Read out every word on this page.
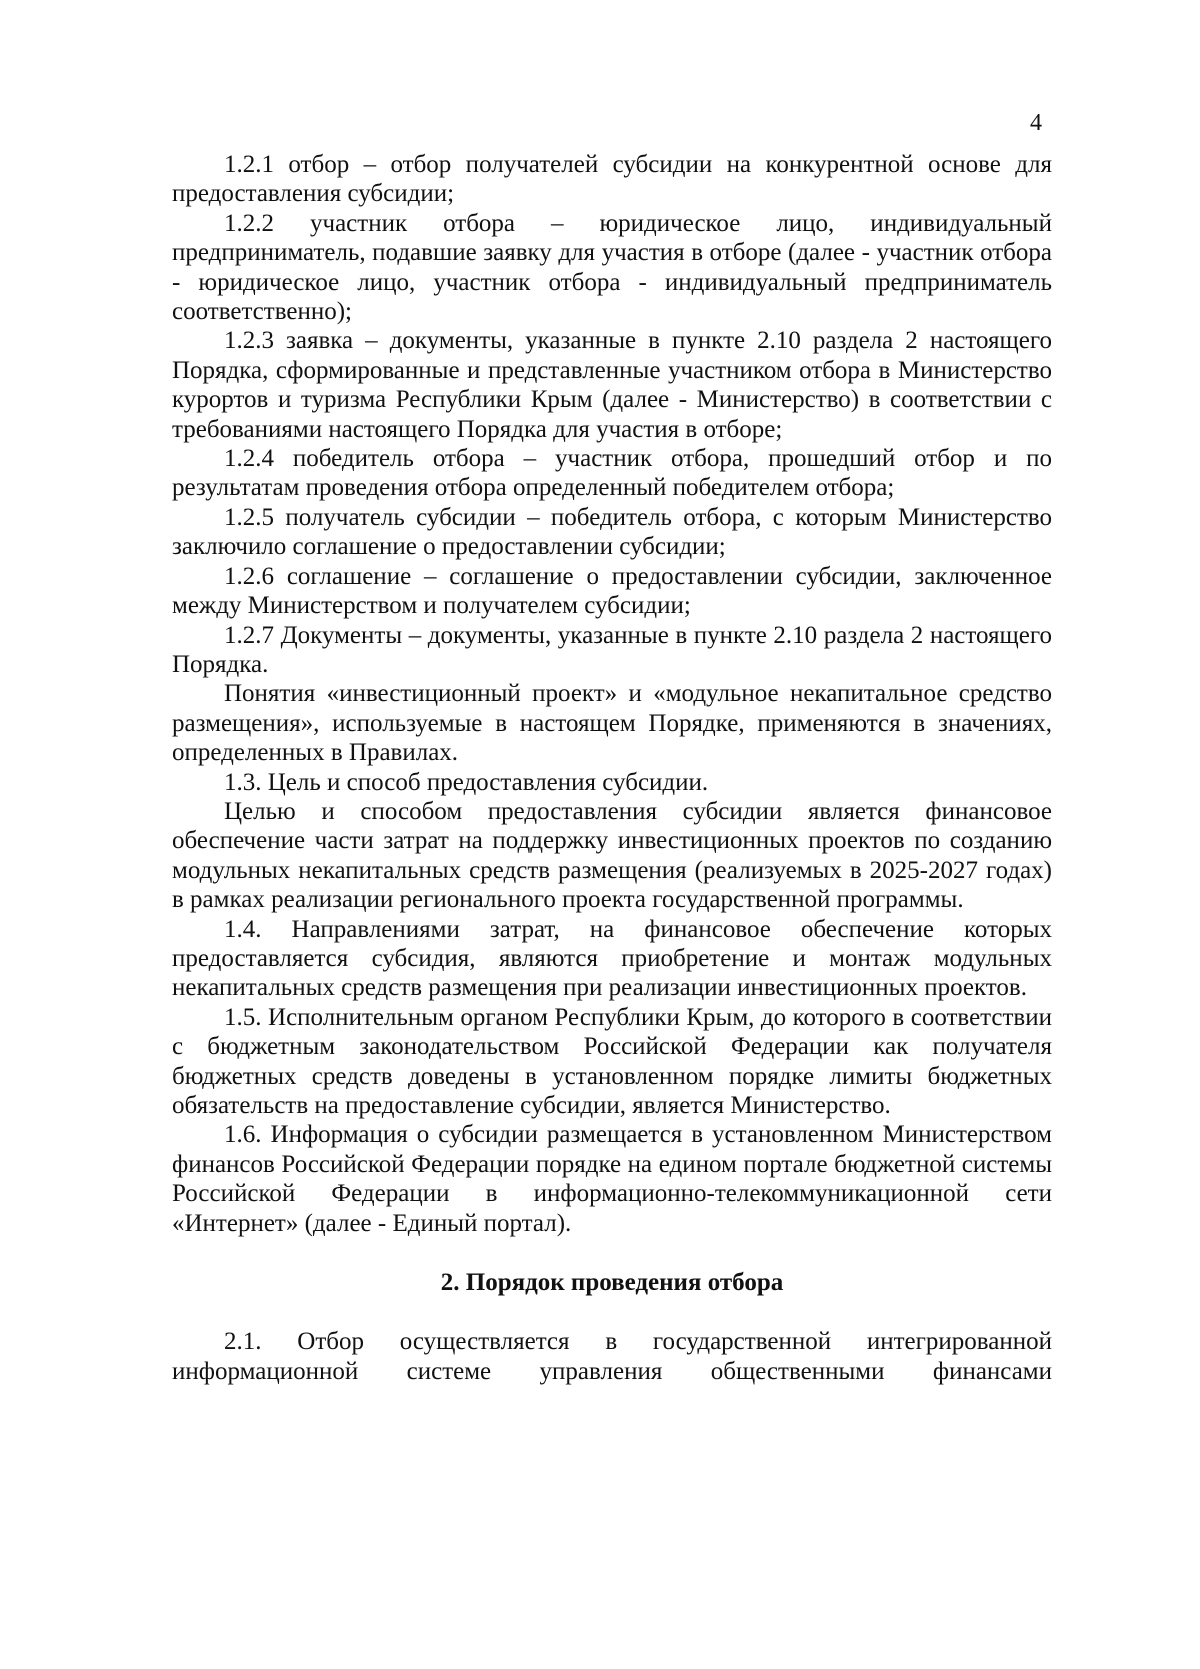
4

1.2.1 отбор – отбор получателей субсидии на конкурентной основе для предоставления субсидии;

1.2.2 участник отбора – юридическое лицо, индивидуальный предприниматель, подавшие заявку для участия в отборе (далее - участник отбора - юридическое лицо, участник отбора - индивидуальный предприниматель соответственно);

1.2.3 заявка – документы, указанные в пункте 2.10 раздела 2 настоящего Порядка, сформированные и представленные участником отбора в Министерство курортов и туризма Республики Крым (далее - Министерство) в соответствии с требованиями настоящего Порядка для участия в отборе;

1.2.4 победитель отбора – участник отбора, прошедший отбор и по результатам проведения отбора определенный победителем отбора;

1.2.5 получатель субсидии – победитель отбора, с которым Министерство заключило соглашение о предоставлении субсидии;

1.2.6 соглашение – соглашение о предоставлении субсидии, заключенное между Министерством и получателем субсидии;

1.2.7 Документы – документы, указанные в пункте 2.10 раздела 2 настоящего Порядка.

Понятия «инвестиционный проект» и «модульное некапитальное средство размещения», используемые в настоящем Порядке, применяются в значениях, определенных в Правилах.

1.3. Цель и способ предоставления субсидии.

Целью и способом предоставления субсидии является финансовое обеспечение части затрат на поддержку инвестиционных проектов по созданию модульных некапитальных средств размещения (реализуемых в 2025-2027 годах) в рамках реализации регионального проекта государственной программы.

1.4. Направлениями затрат, на финансовое обеспечение которых предоставляется субсидия, являются приобретение и монтаж модульных некапитальных средств размещения при реализации инвестиционных проектов.

1.5. Исполнительным органом Республики Крым, до которого в соответствии с бюджетным законодательством Российской Федерации как получателя бюджетных средств доведены в установленном порядке лимиты бюджетных обязательств на предоставление субсидии, является Министерство.

1.6. Информация о субсидии размещается в установленном Министерством финансов Российской Федерации порядке на едином портале бюджетной системы Российской Федерации в информационно-телекоммуникационной сети «Интернет» (далее - Единый портал).

2. Порядок проведения отбора

2.1. Отбор осуществляется в государственной интегрированной информационной системе управления общественными финансами
